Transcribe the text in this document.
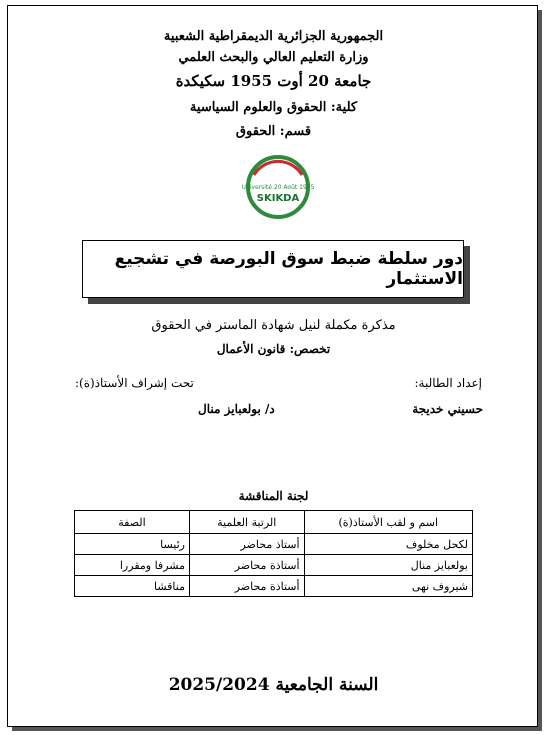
الجمهورية الجزائرية الديمقراطية الشعبية
وزارة التعليم العالي والبحث العلمي
جامعة 20 أوت 1955 سكيكدة
كلية: الحقوق والعلوم السياسية
قسم: الحقوق
Université 20 Août 1955
SKIKDA
دور سلطة ضبط سوق البورصة في تشجيع الاستثمار
مذكرة مكملة لنيل شهادة الماستر في الحقوق
تخصص: قانون الأعمال
إعداد الطالبة:
تحت إشراف الأستاذ(ة):
حسيني خديجة
د/ بولعبايز منال
لجنة المناقشة
اسم و لقب الأستاذ(ة)	الرتبة العلمية	الصفة
لكحل مخلوف	أستاذ محاضر	رئيسا
بولعبايز منال	أستاذة محاضر	مشرفا ومقررا
شيروف نهى	أستاذة محاضر	مناقشا
السنة الجامعية 2025/2024
